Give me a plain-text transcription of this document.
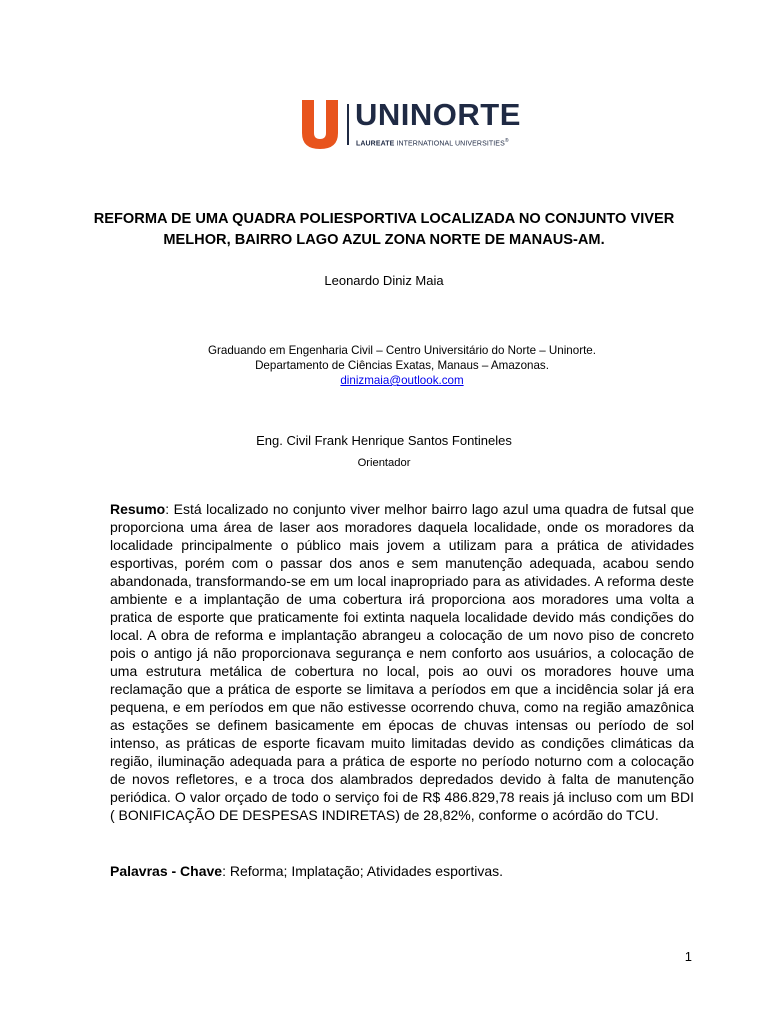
UNINORTE
LAUREATE INTERNATIONAL UNIVERSITIES®
REFORMA DE UMA QUADRA POLIESPORTIVA LOCALIZADA NO CONJUNTO VIVER MELHOR, BAIRRO LAGO AZUL ZONA NORTE DE MANAUS-AM.
Leonardo Diniz Maia
Graduando em Engenharia Civil – Centro Universitário do Norte – Uninorte.
Departamento de Ciências Exatas, Manaus – Amazonas.
dinizmaia@outlook.com
Eng. Civil Frank Henrique Santos Fontineles
Orientador
Resumo: Está localizado no conjunto viver melhor bairro lago azul uma quadra de futsal que proporciona uma área de laser aos moradores daquela localidade, onde os moradores da localidade principalmente o público mais jovem a utilizam para a prática de atividades esportivas, porém com o passar dos anos e sem manutenção adequada, acabou sendo abandonada, transformando-se em um local inapropriado para as atividades. A reforma deste ambiente e a implantação de uma cobertura irá proporciona aos moradores uma volta a pratica de esporte que praticamente foi extinta naquela localidade devido más condições do local. A obra de reforma e implantação abrangeu a colocação de um novo piso de concreto pois o antigo já não proporcionava segurança e nem conforto aos usuários, a colocação de uma estrutura metálica de cobertura no local, pois ao ouvi os moradores houve uma reclamação que a prática de esporte se limitava a períodos em que a incidência solar já era pequena, e em períodos em que não estivesse ocorrendo chuva, como na região amazônica as estações se definem basicamente em épocas de chuvas intensas ou período de sol intenso, as práticas de esporte ficavam muito limitadas devido as condições climáticas da região, iluminação adequada para a prática de esporte no período noturno com a colocação de novos refletores, e a troca dos alambrados depredados devido à falta de manutenção periódica. O valor orçado de todo o serviço foi de R$ 486.829,78 reais já incluso com um BDI ( BONIFICAÇÃO DE DESPESAS INDIRETAS) de 28,82%, conforme o acórdão do TCU.
Palavras - Chave: Reforma; Implatação; Atividades esportivas.
1
